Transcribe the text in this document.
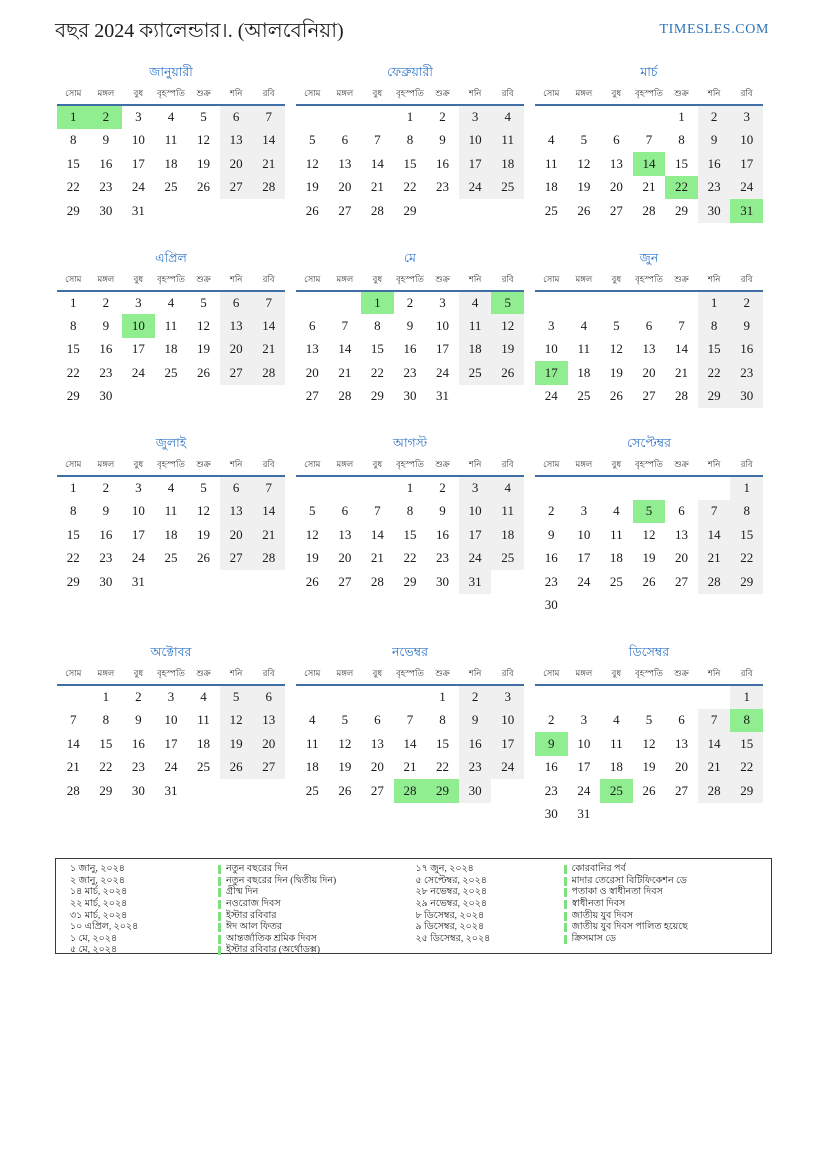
বছর 2024 ক্যালেন্ডার।. (আলবেনিয়া)	TIMESLES.COM
জানুয়ারী
সোম	মঙ্গল	বুধ	বৃহস্পতি	শুক্র	শনি	রবি
1	2	3	4	5	6	7
8	9	10	11	12	13	14
15	16	17	18	19	20	21
22	23	24	25	26	27	28
29	30	31				
ফেব্রুয়ারী
সোম	মঙ্গল	বুধ	বৃহস্পতি	শুক্র	শনি	রবি
			1	2	3	4
5	6	7	8	9	10	11
12	13	14	15	16	17	18
19	20	21	22	23	24	25
26	27	28	29			
মার্চ
সোম	মঙ্গল	বুধ	বৃহস্পতি	শুক্র	শনি	রবি
				1	2	3
4	5	6	7	8	9	10
11	12	13	14	15	16	17
18	19	20	21	22	23	24
25	26	27	28	29	30	31
এপ্রিল
সোম	মঙ্গল	বুধ	বৃহস্পতি	শুক্র	শনি	রবি
1	2	3	4	5	6	7
8	9	10	11	12	13	14
15	16	17	18	19	20	21
22	23	24	25	26	27	28
29	30					
মে
সোম	মঙ্গল	বুধ	বৃহস্পতি	শুক্র	শনি	রবি
		1	2	3	4	5
6	7	8	9	10	11	12
13	14	15	16	17	18	19
20	21	22	23	24	25	26
27	28	29	30	31		
জুন
সোম	মঙ্গল	বুধ	বৃহস্পতি	শুক্র	শনি	রবি
					1	2
3	4	5	6	7	8	9
10	11	12	13	14	15	16
17	18	19	20	21	22	23
24	25	26	27	28	29	30
জুলাই
সোম	মঙ্গল	বুধ	বৃহস্পতি	শুক্র	শনি	রবি
1	2	3	4	5	6	7
8	9	10	11	12	13	14
15	16	17	18	19	20	21
22	23	24	25	26	27	28
29	30	31				
আগস্ট
সোম	মঙ্গল	বুধ	বৃহস্পতি	শুক্র	শনি	রবি
			1	2	3	4
5	6	7	8	9	10	11
12	13	14	15	16	17	18
19	20	21	22	23	24	25
26	27	28	29	30	31	
সেপ্টেম্বর
সোম	মঙ্গল	বুধ	বৃহস্পতি	শুক্র	শনি	রবি
						1
2	3	4	5	6	7	8
9	10	11	12	13	14	15
16	17	18	19	20	21	22
23	24	25	26	27	28	29
30						
অক্টোবর
সোম	মঙ্গল	বুধ	বৃহস্পতি	শুক্র	শনি	রবি
	1	2	3	4	5	6
7	8	9	10	11	12	13
14	15	16	17	18	19	20
21	22	23	24	25	26	27
28	29	30	31			
নভেম্বর
সোম	মঙ্গল	বুধ	বৃহস্পতি	শুক্র	শনি	রবি
				1	2	3
4	5	6	7	8	9	10
11	12	13	14	15	16	17
18	19	20	21	22	23	24
25	26	27	28	29	30	
ডিসেম্বর
সোম	মঙ্গল	বুধ	বৃহস্পতি	শুক্র	শনি	রবি
						1
2	3	4	5	6	7	8
9	10	11	12	13	14	15
16	17	18	19	20	21	22
23	24	25	26	27	28	29
30	31					
১ জানু, ২০২৪	নতুন বছরের দিন
২ জানু, ২০২৪	নতুন বছরের দিন (দ্বিতীয় দিন)
১৪ মার্চ, ২০২৪	গ্রীষ্ম দিন
২২ মার্চ, ২০২৪	নওরোজ দিবস
৩১ মার্চ, ২০২৪	ইস্টার রবিবার
১০ এপ্রিল, ২০২৪	ঈদ আল ফিতর
১ মে, ২০২৪	আন্তর্জাতিক শ্রমিক দিবস
৫ মে, ২০২৪	ইস্টার রবিবার (অর্থোডক্স)
১৭ জুন, ২০২৪	কোরবানির পর্ব
৫ সেপ্টেম্বর, ২০২৪	মাদার তেরেসা বিটিফিকেশন ডে
২৮ নভেম্বর, ২০২৪	পতাকা ও স্বাধীনতা দিবস
২৯ নভেম্বর, ২০২৪	স্বাধীনতা দিবস
৮ ডিসেম্বর, ২০২৪	জাতীয় যুব দিবস
৯ ডিসেম্বর, ২০২৪	জাতীয় যুব দিবস পালিত হয়েছে
২৫ ডিসেম্বর, ২০২৪	ক্রিসমাস ডে
